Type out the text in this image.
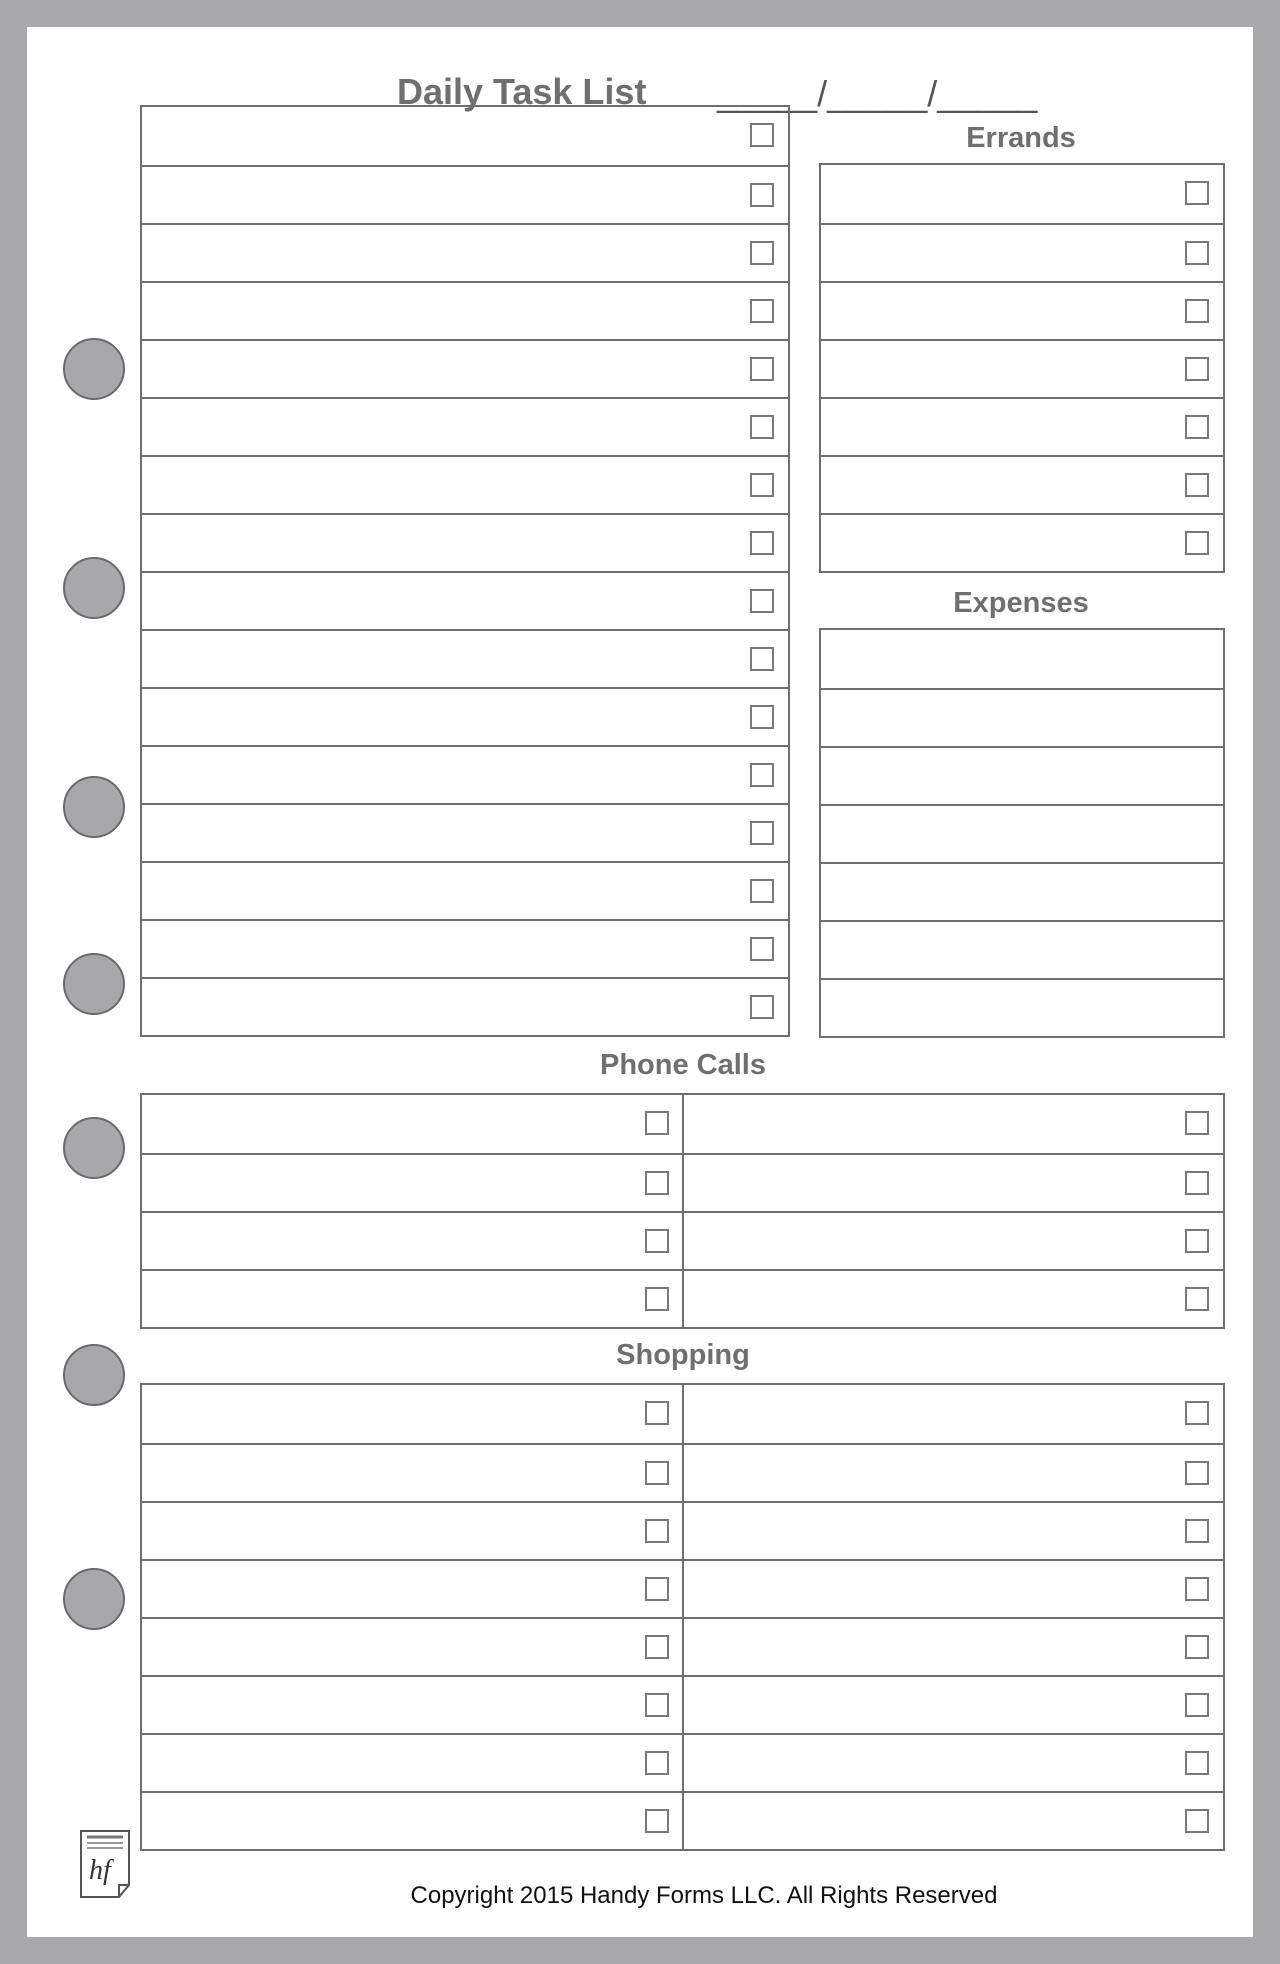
Daily Task List _____/_____/_____
Errands
Expenses
Phone Calls
Shopping
hf
Copyright 2015 Handy Forms LLC. All Rights Reserved
